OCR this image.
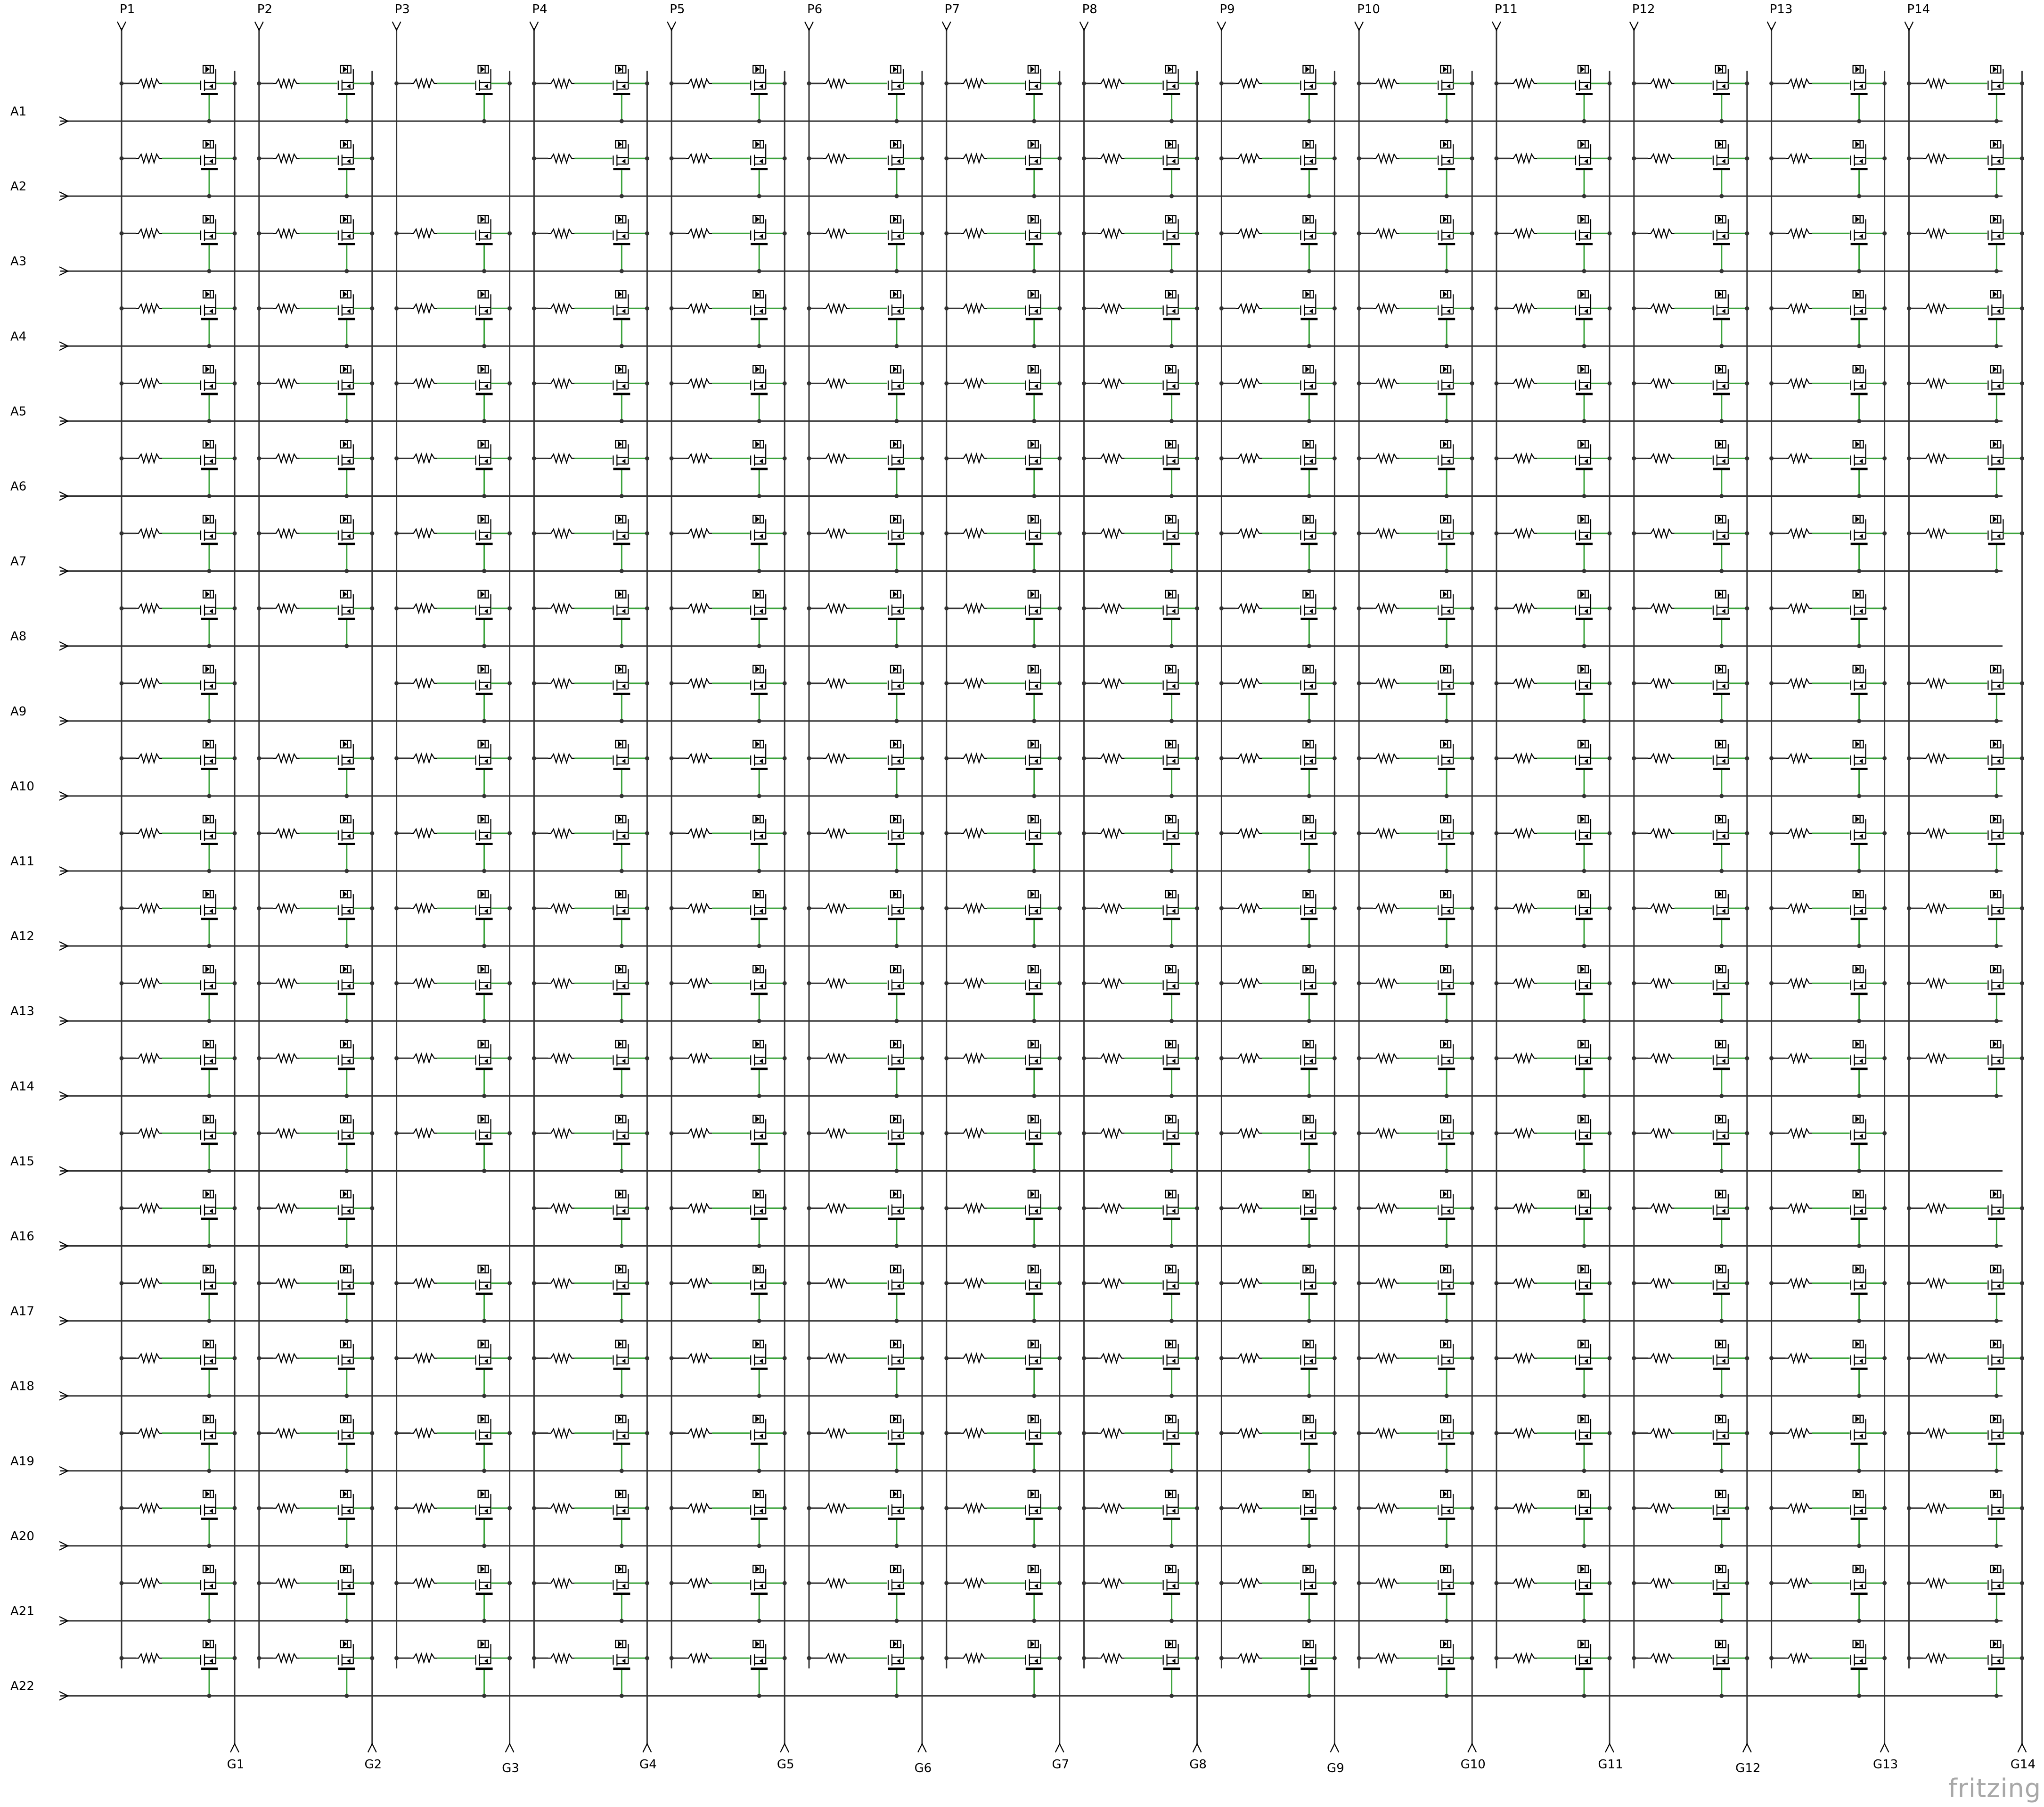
P1	P2	P3	P4	P5	P6	P7	P8	P9	P10	P11	P12	P13	P14
G1	G2	G3	G4	G5	G6	G7	G8	G9	G10	G11	G12	G13	G14
A1
A2
A3
A4
A5
A6
A7
A8
A9
A10
A11
A12
A13
A14
A15
A16
A17
A18
A19
A20
A21
A22
fritzing
